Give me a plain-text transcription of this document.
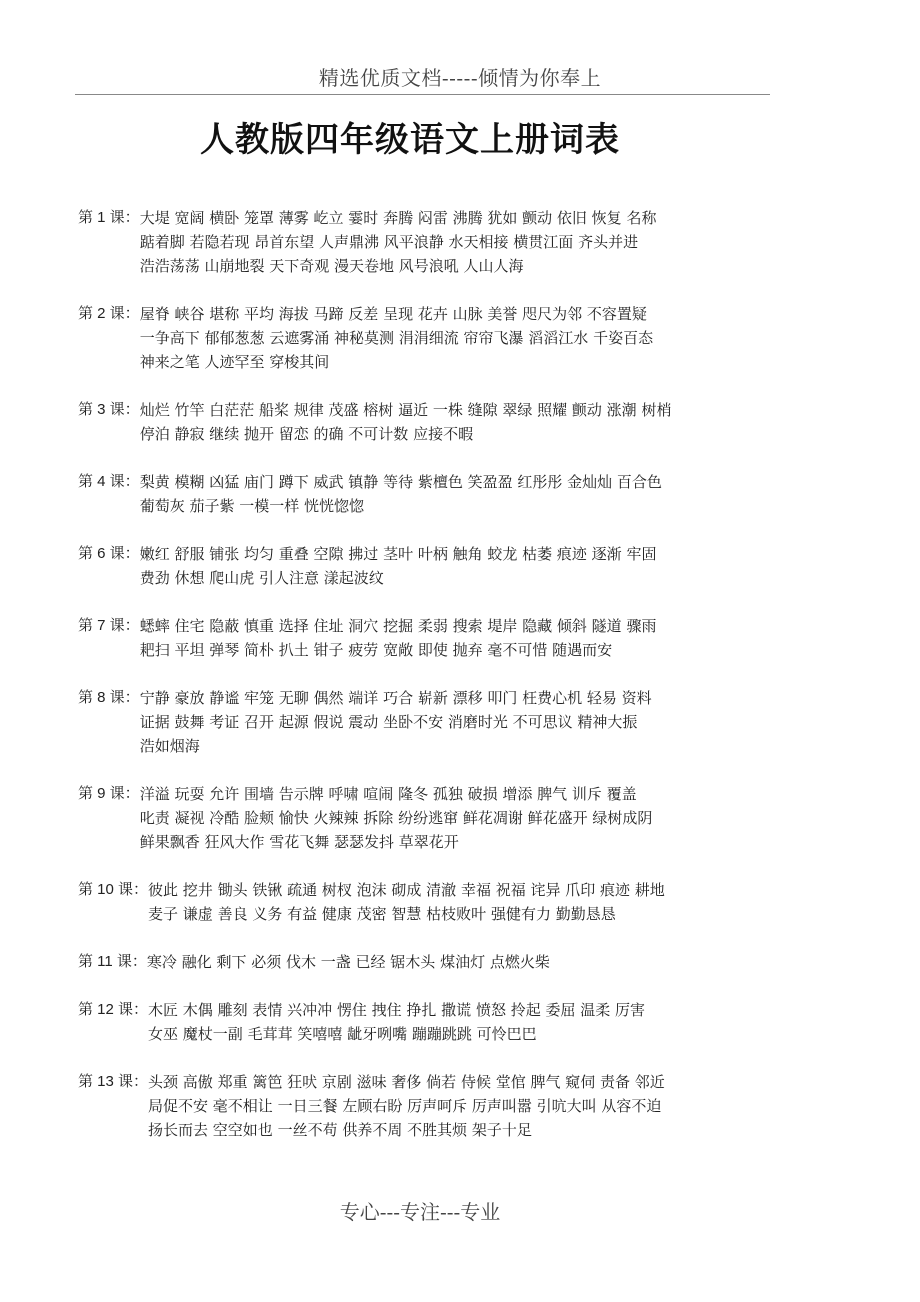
精选优质文档-----倾情为你奉上
人教版四年级语文上册词表
第 1 课： 大堤 宽阔 横卧 笼罩 薄雾 屹立 霎时 奔腾 闷雷 沸腾 犹如 颤动 依旧 恢复 名称
踮着脚 若隐若现 昂首东望 人声鼎沸 风平浪静 水天相接 横贯江面 齐头并进
浩浩荡荡 山崩地裂 天下奇观 漫天卷地 风号浪吼 人山人海
第 2 课： 屋脊 峡谷 堪称 平均 海拔 马蹄 反差 呈现 花卉 山脉 美誉 咫尺为邻 不容置疑
一争高下 郁郁葱葱 云遮雾涌 神秘莫测 涓涓细流 帘帘飞瀑 滔滔江水 千姿百态
神来之笔 人迹罕至 穿梭其间
第 3 课： 灿烂 竹竿 白茫茫 船桨 规律 茂盛 榕树 逼近 一株 缝隙 翠绿 照耀 颤动 涨潮 树梢
停泊 静寂 继续 抛开 留恋 的确 不可计数 应接不暇
第 4 课： 梨黄 模糊 凶猛 庙门 蹲下 威武 镇静 等待 紫檀色 笑盈盈 红彤彤 金灿灿 百合色
葡萄灰 茄子紫 一模一样 恍恍惚惚
第 6 课： 嫩红 舒服 铺张 均匀 重叠 空隙 拂过 茎叶 叶柄 触角 蛟龙 枯萎 痕迹 逐渐 牢固
费劲 休想 爬山虎 引人注意 漾起波纹
第 7 课： 蟋蟀 住宅 隐蔽 慎重 选择 住址 洞穴 挖掘 柔弱 搜索 堤岸 隐藏 倾斜 隧道 骤雨
耙扫 平坦 弹琴 简朴 扒土 钳子 疲劳 宽敞 即使 抛弃 毫不可惜 随遇而安
第 8 课： 宁静 豪放 静谧 牢笼 无聊 偶然 端详 巧合 崭新 漂移 叩门 枉费心机 轻易 资料
证据 鼓舞 考证 召开 起源 假说 震动 坐卧不安 消磨时光 不可思议 精神大振
浩如烟海
第 9 课： 洋溢 玩耍 允许 围墙 告示牌 呼啸 喧闹 隆冬 孤独 破损 增添 脾气 训斥 覆盖
叱责 凝视 冷酷 脸颊 愉快 火辣辣 拆除 纷纷逃窜 鲜花凋谢 鲜花盛开 绿树成阴
鲜果飘香 狂风大作 雪花飞舞 瑟瑟发抖 草翠花开
第 10 课： 彼此 挖井 锄头 铁锹 疏通 树杈 泡沫 砌成 清澈 幸福 祝福 诧异 爪印 痕迹 耕地
麦子 谦虚 善良 义务 有益 健康 茂密 智慧 枯枝败叶 强健有力 勤勤恳恳
第 11 课： 寒冷 融化 剩下 必须 伐木 一盏 已经 锯木头 煤油灯 点燃火柴
第 12 课： 木匠 木偶 雕刻 表情 兴冲冲 愣住 拽住 挣扎 撒谎 愤怒 拎起 委屈 温柔 厉害
女巫 魔杖一副 毛茸茸 笑嘻嘻 龇牙咧嘴 蹦蹦跳跳 可怜巴巴
第 13 课： 头颈 高傲 郑重 篱笆 狂吠 京剧 滋味 奢侈 倘若 侍候 堂倌 脾气 窥伺 责备 邻近
局促不安 毫不相让 一日三餐 左顾右盼 厉声呵斥 厉声叫嚣 引吭大叫 从容不迫
扬长而去 空空如也 一丝不苟 供养不周 不胜其烦 架子十足
专心---专注---专业
